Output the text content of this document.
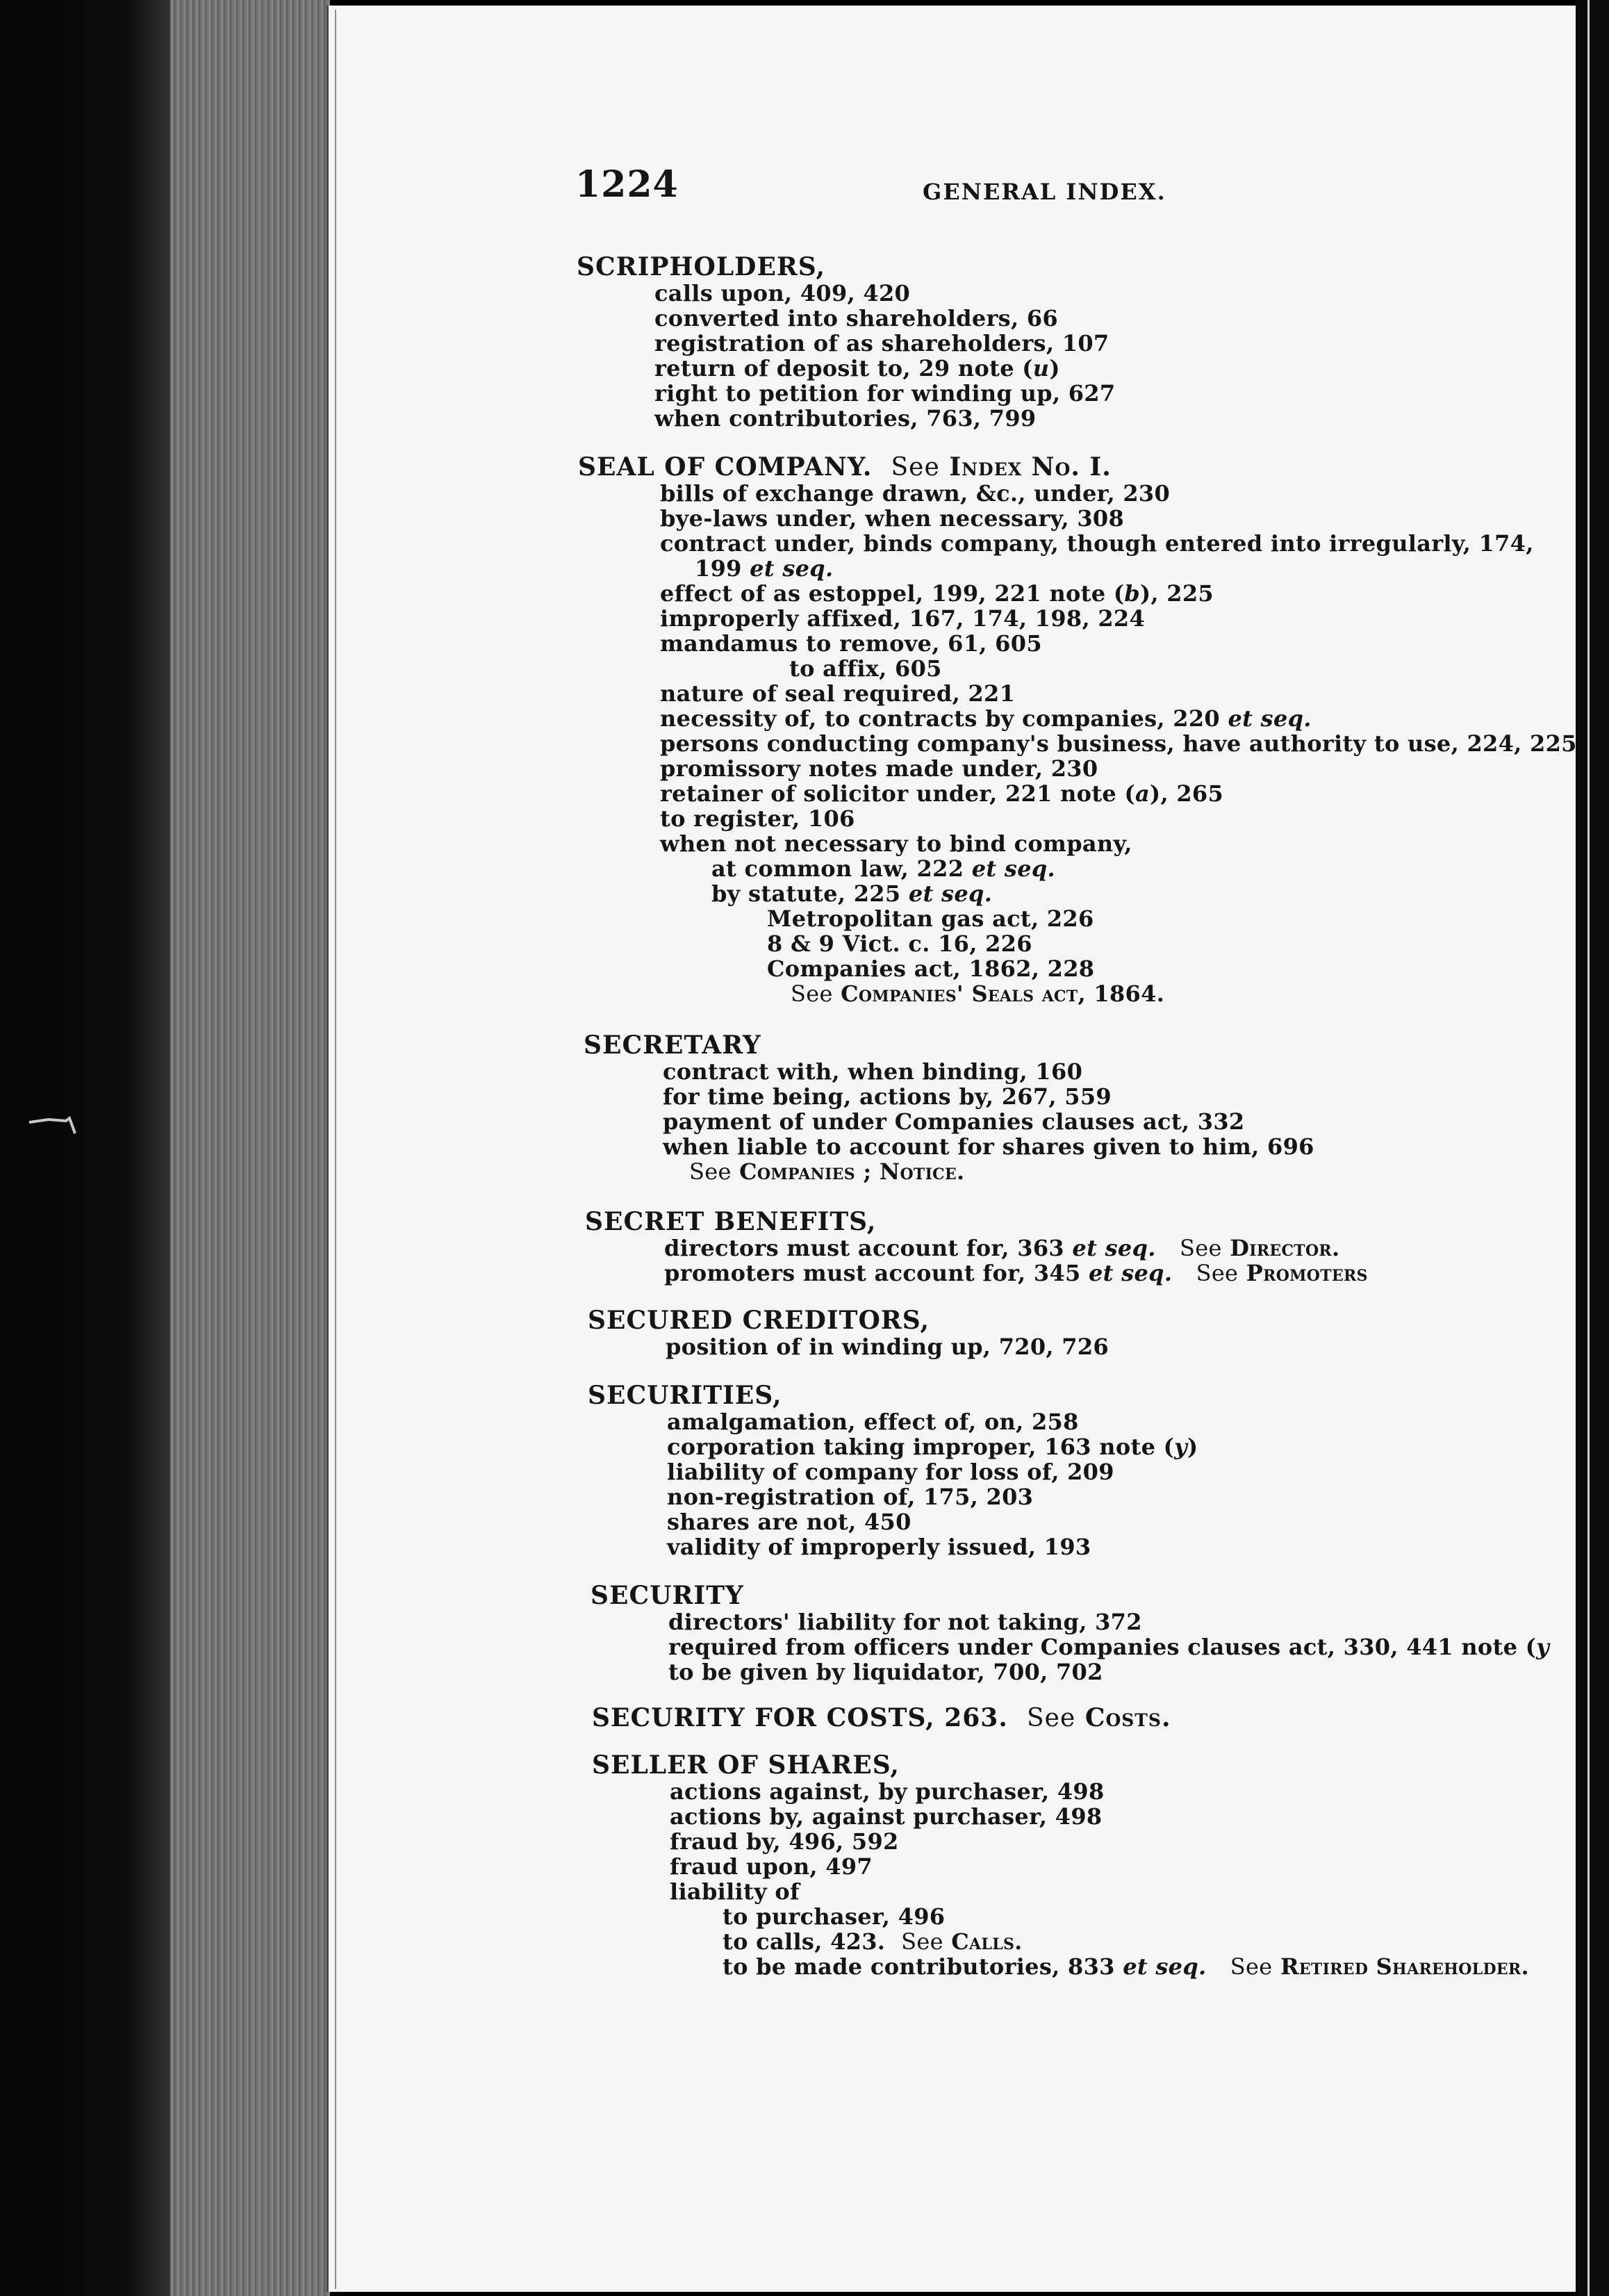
1224	GENERAL INDEX.
SCRIPHOLDERS,
calls upon, 409, 420
converted into shareholders, 66
registration of as shareholders, 107
return of deposit to, 29 note (u)
right to petition for winding up, 627
when contributories, 763, 799
SEAL OF COMPANY. See Index No. I.
bills of exchange drawn, &c., under, 230
bye-laws under, when necessary, 308
contract under, binds company, though entered into irregularly, 174,
199 et seq.
effect of as estoppel, 199, 221 note (b), 225
improperly affixed, 167, 174, 198, 224
mandamus to remove, 61, 605
to affix, 605
nature of seal required, 221
necessity of, to contracts by companies, 220 et seq.
persons conducting company's business, have authority to use, 224, 225
promissory notes made under, 230
retainer of solicitor under, 221 note (a), 265
to register, 106
when not necessary to bind company,
at common law, 222 et seq.
by statute, 225 et seq.
Metropolitan gas act, 226
8 & 9 Vict. c. 16, 226
Companies act, 1862, 228
See Companies' Seals act, 1864.
SECRETARY
contract with, when binding, 160
for time being, actions by, 267, 559
payment of under Companies clauses act, 332
when liable to account for shares given to him, 696
See Companies ; Notice.
SECRET BENEFITS,
directors must account for, 363 et seq. See Director.
promoters must account for, 345 et seq. See Promoters
SECURED CREDITORS,
position of in winding up, 720, 726
SECURITIES,
amalgamation, effect of, on, 258
corporation taking improper, 163 note (y)
liability of company for loss of, 209
non-registration of, 175, 203
shares are not, 450
validity of improperly issued, 193
SECURITY
directors' liability for not taking, 372
required from officers under Companies clauses act, 330, 441 note (y
to be given by liquidator, 700, 702
SECURITY FOR COSTS, 263. See Costs.
SELLER OF SHARES,
actions against, by purchaser, 498
actions by, against purchaser, 498
fraud by, 496, 592
fraud upon, 497
liability of
to purchaser, 496
to calls, 423. See Calls.
to be made contributories, 833 et seq. See Retired Shareholder.
